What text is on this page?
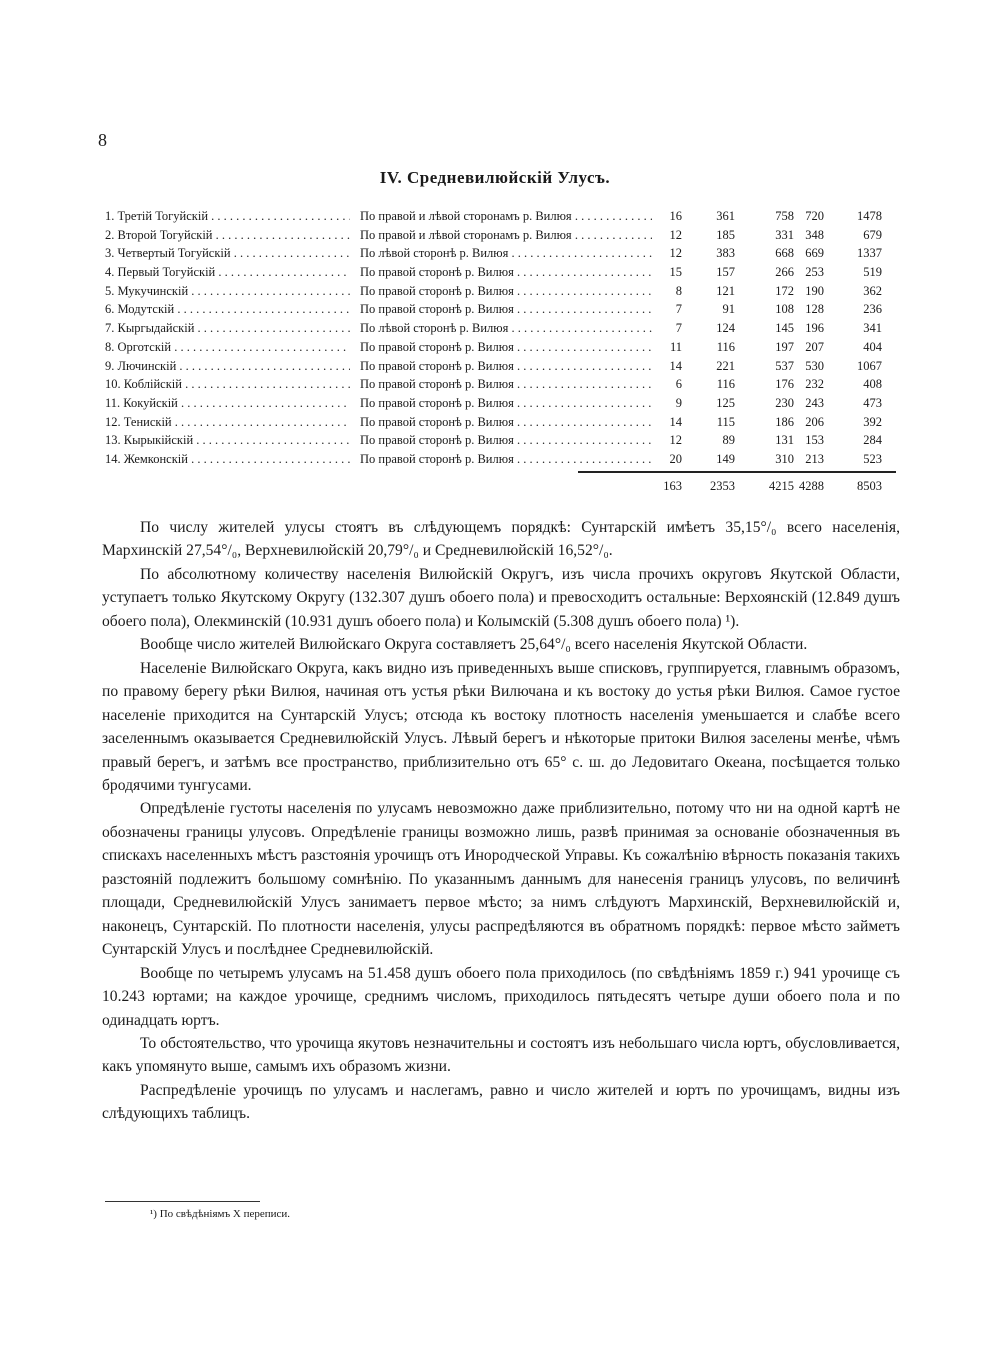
8
IV. Средневилюйскій Улусъ.
1. Третій Тогуйскій . . .	По правой и лѣвой сторонамъ р. Вилюя . . .	16	361	758 720	1478
2. Второй Тогуйскій . . .	По правой и лѣвой сторонамъ р. Вилюя . . .	12	185	331 348	679
3. Четвертый Тогуйскій . . .	По лѣвой сторонѣ р. Вилюя . . .	12	383	668 669	1337
4. Первый Тогуйскій . . .	По правой сторонѣ р. Вилюя . . .	15	157	266 253	519
5. Мукучинскій . . .	По правой сторонѣ р. Вилюя . . .	8	121	172 190	362
6. Модутскій . . .	По правой сторонѣ р. Вилюя . . .	7	91	108 128	236
7. Кыргыдайскій . . .	По лѣвой сторонѣ р. Вилюя . . .	7	124	145 196	341
8. Орготскій . . .	По правой сторонѣ р. Вилюя . . .	11	116	197 207	404
9. Лючинскій . . .	По правой сторонѣ р. Вилюя . . .	14	221	537 530	1067
10. Коблійскій . . .	По правой сторонѣ р. Вилюя . . .	6	116	176 232	408
11. Кокуйскій . . .	По правой сторонѣ р. Вилюя . . .	9	125	230 243	473
12. Тенискій . . .	По правой сторонѣ р. Вилюя . . .	14	115	186 206	392
13. Кырыкійскій . . .	По правой сторонѣ р. Вилюя . . .	12	89	131 153	284
14. Жемконскій . . .	По правой сторонѣ р. Вилюя . . .	20	149	310 213	523
163	2353	4215 4288	8503

По числу жителей улусы стоятъ въ слѣдующемъ порядкѣ: Сунтарскій имѣетъ 35,15°/₀ всего населенія, Мархинскій 27,54°/₀, Верхневилюйскій 20,79°/₀ и Средневилюйскій 16,52°/₀.

По абсолютному количеству населенія Вилюйскій Округъ, изъ числа прочихъ округовъ Якутской Области, уступаетъ только Якутскому Округу (132.307 душъ обоего пола) и превосходитъ остальные: Верхоянскій (12.849 душъ обоего пола), Олекминскій (10.931 душъ обоего пола) и Колымскій (5.308 душъ обоего пола) ¹).

Вообще число жителей Вилюйскаго Округа составляетъ 25,64°/₀ всего населенія Якутской Области.

Населеніе Вилюйскаго Округа, какъ видно изъ приведенныхъ выше списковъ, группируется, главнымъ образомъ, по правому берегу рѣки Вилюя, начиная отъ устья рѣки Вилючана и къ востоку до устья рѣки Вилюя. Самое густое населеніе приходится на Сунтарскій Улусъ; отсюда къ востоку плотность населенія уменьшается и слабѣе всего заселеннымъ оказывается Средневилюйскій Улусъ. Лѣвый берегъ и нѣкоторые притоки Вилюя заселены менѣе, чѣмъ правый берегъ, и затѣмъ все пространство, приблизительно отъ 65° с. ш. до Ледовитаго Океана, посѣщается только бродячими тунгусами.

Опредѣленіе густоты населенія по улусамъ невозможно даже приблизительно, потому что ни на одной картѣ не обозначены границы улусовъ. Опредѣленіе границы возможно лишь, развѣ принимая за основаніе обозначенныя въ спискахъ населенныхъ мѣстъ разстоянія урочищъ отъ Инородческой Управы. Къ сожалѣнію вѣрность показанія такихъ разстояній подлежитъ большому сомнѣнію. По указаннымъ даннымъ для нанесенія границъ улусовъ, по величинѣ площади, Средневилюйскій Улусъ занимаетъ первое мѣсто; за нимъ слѣдуютъ Мархинскій, Верхневилюйскій и, наконецъ, Сунтарскій. По плотности населенія, улусы распредѣляются въ обратномъ порядкѣ: первое мѣсто займетъ Сунтарскій Улусъ и послѣднее Средневилюйскій.

Вообще по четыремъ улусамъ на 51.458 душъ обоего пола приходилось (по свѣдѣніямъ 1859 г.) 941 урочище съ 10.243 юртами; на каждое урочище, среднимъ числомъ, приходилось пятьдесятъ четыре души обоего пола и по одинадцать юртъ.

То обстоятельство, что урочища якутовъ незначительны и состоятъ изъ небольшаго числа юртъ, обусловливается, какъ упомянуто выше, самымъ ихъ образомъ жизни.

Распредѣленіе урочищъ по улусамъ и наслегамъ, равно и число жителей и юртъ по урочищамъ, видны изъ слѣдующихъ таблицъ.

¹) По свѣдѣніямъ X переписи.
